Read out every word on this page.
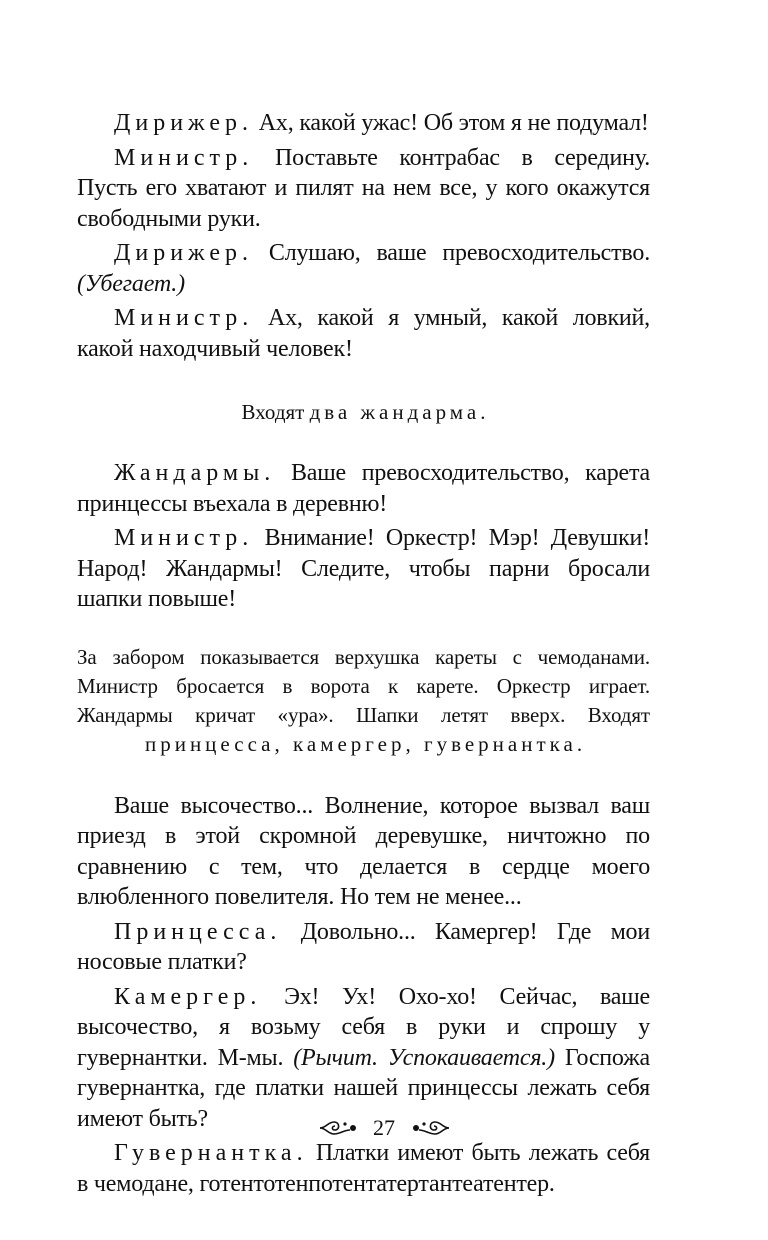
Дирижер. Ах, какой ужас! Об этом я не подумал!

Министр. Поставьте контрабас в середину. Пусть его хватают и пилят на нем все, у кого окажутся свободными руки.

Дирижер. Слушаю, ваше превосходительство. (Убегает.)

Министр. Ах, какой я умный, какой ловкий, какой находчивый человек!

Входят два жандарма.

Жандармы. Ваше превосходительство, карета принцессы въехала в деревню!

Министр. Внимание! Оркестр! Мэр! Девушки! Народ! Жандармы! Следите, чтобы парни бросали шапки повыше!

За забором показывается верхушка кареты с чемоданами. Министр бросается в ворота к карете. Оркестр играет. Жандармы кричат «ура». Шапки летят вверх. Входят принцесса, камергер, гувернантка.

Ваше высочество... Волнение, которое вызвал ваш приезд в этой скромной деревушке, ничтожно по сравнению с тем, что делается в сердце моего влюбленного повелителя. Но тем не менее...

Принцесса. Довольно... Камергер! Где мои носовые платки?

Камергер. Эх! Ух! Охо-хо! Сейчас, ваше высочество, я возьму себя в руки и спрошу у гувернантки. М-мы. (Рычит. Успокаивается.) Госпожа гувернантка, где платки нашей принцессы лежать себя имеют быть?

Гувернантка. Платки имеют быть лежать себя в чемодане, готентотенпотентатертантеатентер.

27
